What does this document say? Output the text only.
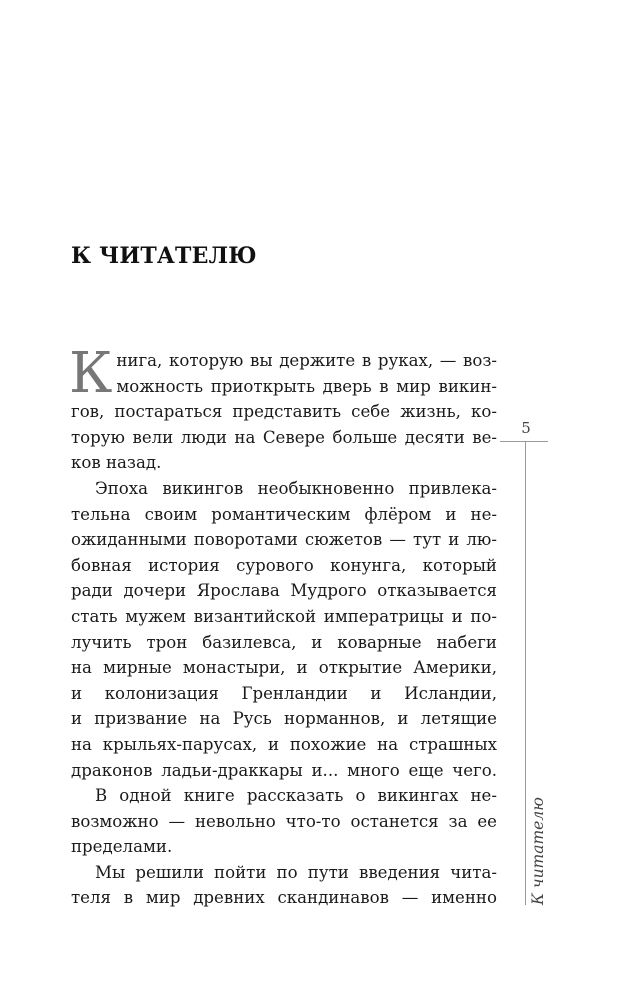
К ЧИТАТЕЛЮ

К нига, которую вы держите в руках, — воз-
можность приоткрыть дверь в мир викин-
гов, постараться представить себе жизнь, ко-
торую вели люди на Севере больше десяти ве-
ков назад.

Эпоха викингов необыкновенно привлека-
тельна своим романтическим флёром и не-
ожиданными поворотами сюжетов — тут и лю-
бовная история сурового конунга, который
ради дочери Ярослава Мудрого отказывается
стать мужем византийской императрицы и по-
лучить трон базилевса, и коварные набеги
на мирные монастыри, и открытие Америки,
и колонизация Гренландии и Исландии,
и призвание на Русь норманнов, и летящие
на крыльях-парусах, и похожие на страшных
драконов ладьи-драккары и... много еще чего.

В одной книге рассказать о викингах не-
возможно — невольно что-то останется за ее
пределами.

Мы решили пойти по пути введения чита-
теля в мир древних скандинавов — именно

5
К читателю
